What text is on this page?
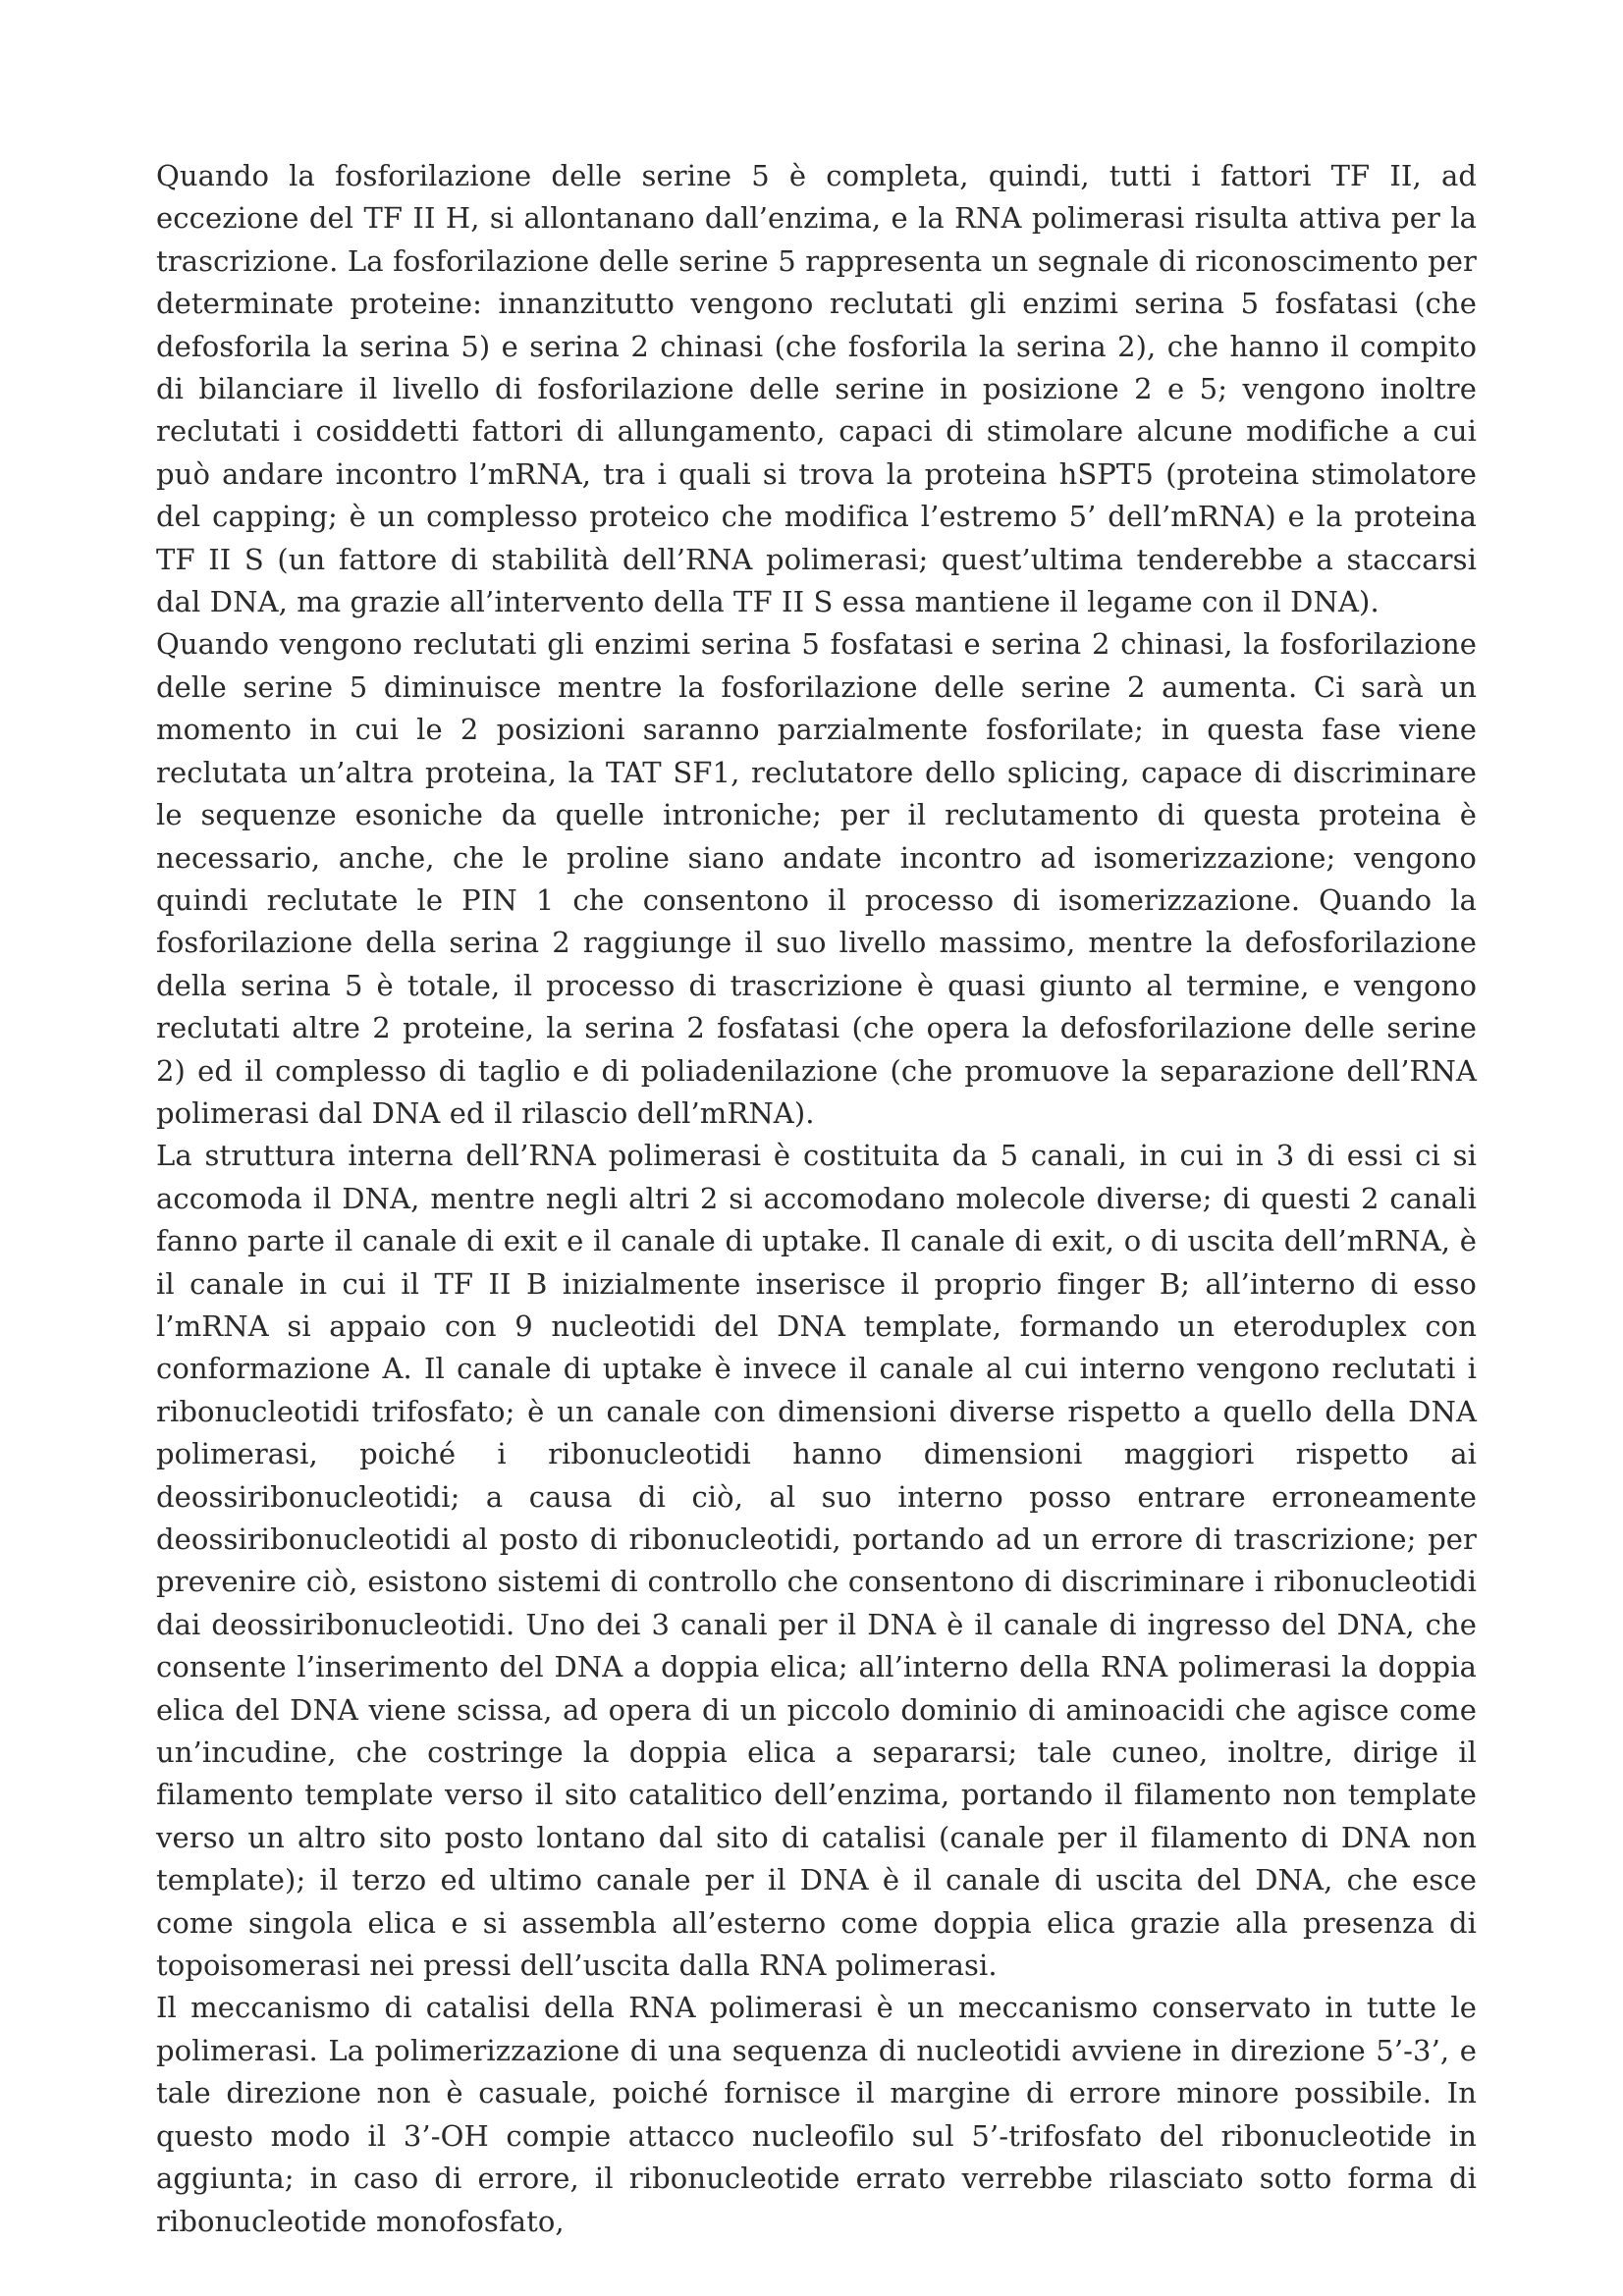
Quando la fosforilazione delle serine 5 è completa, quindi, tutti i fattori TF II, ad eccezione del TF II H, si allontanano dall’enzima, e la RNA polimerasi risulta attiva per la trascrizione. La fosforilazione delle serine 5 rappresenta un segnale di riconoscimento per determinate proteine: innanzitutto vengono reclutati gli enzimi serina 5 fosfatasi (che defosforila la serina 5) e serina 2 chinasi (che fosforila la serina 2), che hanno il compito di bilanciare il livello di fosforilazione delle serine in posizione 2 e 5; vengono inoltre reclutati i cosiddetti fattori di allungamento, capaci di stimolare alcune modifiche a cui può andare incontro l’mRNA, tra i quali si trova la proteina hSPT5 (proteina stimolatore del capping; è un complesso proteico che modifica l’estremo 5’ dell’mRNA) e la proteina TF II S (un fattore di stabilità dell’RNA polimerasi; quest’ultima tenderebbe a staccarsi dal DNA, ma grazie all’intervento della TF II S essa mantiene il legame con il DNA).

Quando vengono reclutati gli enzimi serina 5 fosfatasi e serina 2 chinasi, la fosforilazione delle serine 5 diminuisce mentre la fosforilazione delle serine 2 aumenta. Ci sarà un momento in cui le 2 posizioni saranno parzialmente fosforilate; in questa fase viene reclutata un’altra proteina, la TAT SF1, reclutatore dello splicing, capace di discriminare le sequenze esoniche da quelle introniche; per il reclutamento di questa proteina è necessario, anche, che le proline siano andate incontro ad isomerizzazione; vengono quindi reclutate le PIN 1 che consentono il processo di isomerizzazione. Quando la fosforilazione della serina 2 raggiunge il suo livello massimo, mentre la defosforilazione della serina 5 è totale, il processo di trascrizione è quasi giunto al termine, e vengono reclutati altre 2 proteine, la serina 2 fosfatasi (che opera la defosforilazione delle serine 2) ed il complesso di taglio e di poliadenilazione (che promuove la separazione dell’RNA polimerasi dal DNA ed il rilascio dell’mRNA).

La struttura interna dell’RNA polimerasi è costituita da 5 canali, in cui in 3 di essi ci si accomoda il DNA, mentre negli altri 2 si accomodano molecole diverse; di questi 2 canali fanno parte il canale di exit e il canale di uptake. Il canale di exit, o di uscita dell’mRNA, è il canale in cui il TF II B inizialmente inserisce il proprio finger B; all’interno di esso l’mRNA si appaio con 9 nucleotidi del DNA template, formando un eteroduplex con conformazione A. Il canale di uptake è invece il canale al cui interno vengono reclutati i ribonucleotidi trifosfato; è un canale con dimensioni diverse rispetto a quello della DNA polimerasi, poiché i ribonucleotidi hanno dimensioni maggiori rispetto ai deossiribonucleotidi; a causa di ciò, al suo interno posso entrare erroneamente deossiribonucleotidi al posto di ribonucleotidi, portando ad un errore di trascrizione; per prevenire ciò, esistono sistemi di controllo che consentono di discriminare i ribonucleotidi dai deossiribonucleotidi. Uno dei 3 canali per il DNA è il canale di ingresso del DNA, che consente l’inserimento del DNA a doppia elica; all’interno della RNA polimerasi la doppia elica del DNA viene scissa, ad opera di un piccolo dominio di aminoacidi che agisce come un’incudine, che costringe la doppia elica a separarsi; tale cuneo, inoltre, dirige il filamento template verso il sito catalitico dell’enzima, portando il filamento non template verso un altro sito posto lontano dal sito di catalisi (canale per il filamento di DNA non template); il terzo ed ultimo canale per il DNA è il canale di uscita del DNA, che esce come singola elica e si assembla all’esterno come doppia elica grazie alla presenza di topoisomerasi nei pressi dell’uscita dalla RNA polimerasi.

Il meccanismo di catalisi della RNA polimerasi è un meccanismo conservato in tutte le polimerasi. La polimerizzazione di una sequenza di nucleotidi avviene in direzione 5’-3’, e tale direzione non è casuale, poiché fornisce il margine di errore minore possibile. In questo modo il 3’-OH compie attacco nucleofilo sul 5’-trifosfato del ribonucleotide in aggiunta; in caso di errore, il ribonucleotide errato verrebbe rilasciato sotto forma di ribonucleotide monofosfato,
